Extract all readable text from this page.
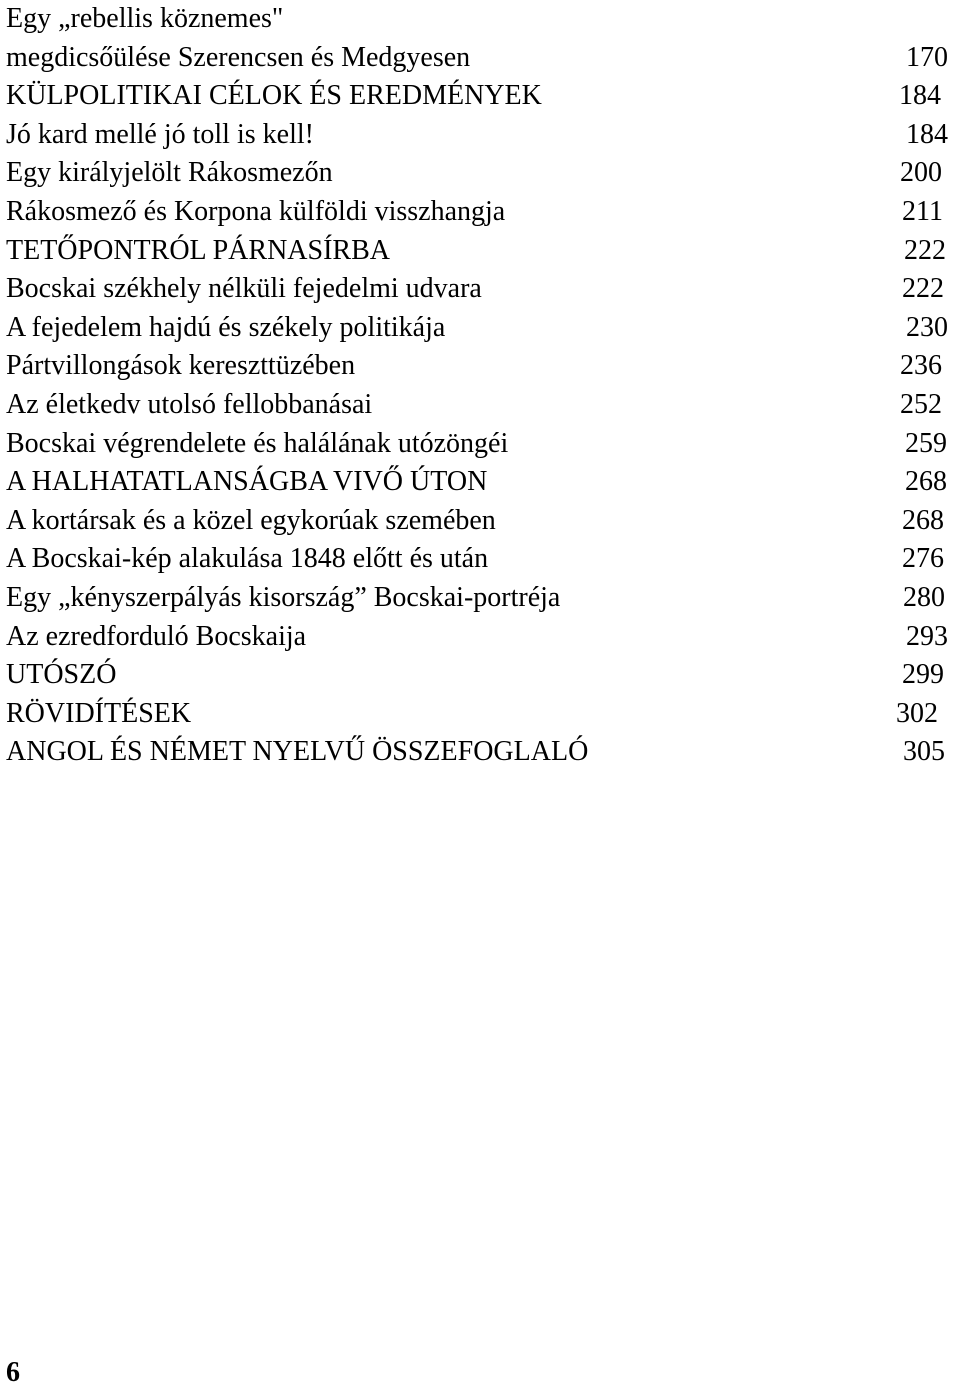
Egy „rebellis köznemes"
megdicsőülése Szerencsen és Medgyesen	170
KÜLPOLITIKAI CÉLOK ÉS EREDMÉNYEK	184
Jó kard mellé jó toll is kell!	184
Egy királyjelölt Rákosmezőn	200
Rákosmező és Korpona külföldi visszhangja	211
TETŐPONTRÓL PÁRNASÍRBA	222
Bocskai székhely nélküli fejedelmi udvara	222
A fejedelem hajdú és székely politikája	230
Pártvillongások kereszttüzében	236
Az életkedv utolsó fellobbanásai	252
Bocskai végrendelete és halálának utózöngéi	259
A HALHATATLANSÁGBA VIVŐ ÚTON	268
A kortársak és a közel egykorúak szemében	268
A Bocskai-kép alakulása 1848 előtt és után	276
Egy „kényszerpályás kisország” Bocskai-portréja	280
Az ezredforduló Bocskaija	293
UTÓSZÓ	299
RÖVIDÍTÉSEK	302
ANGOL ÉS NÉMET NYELVŰ ÖSSZEFOGLALÓ	305
6
